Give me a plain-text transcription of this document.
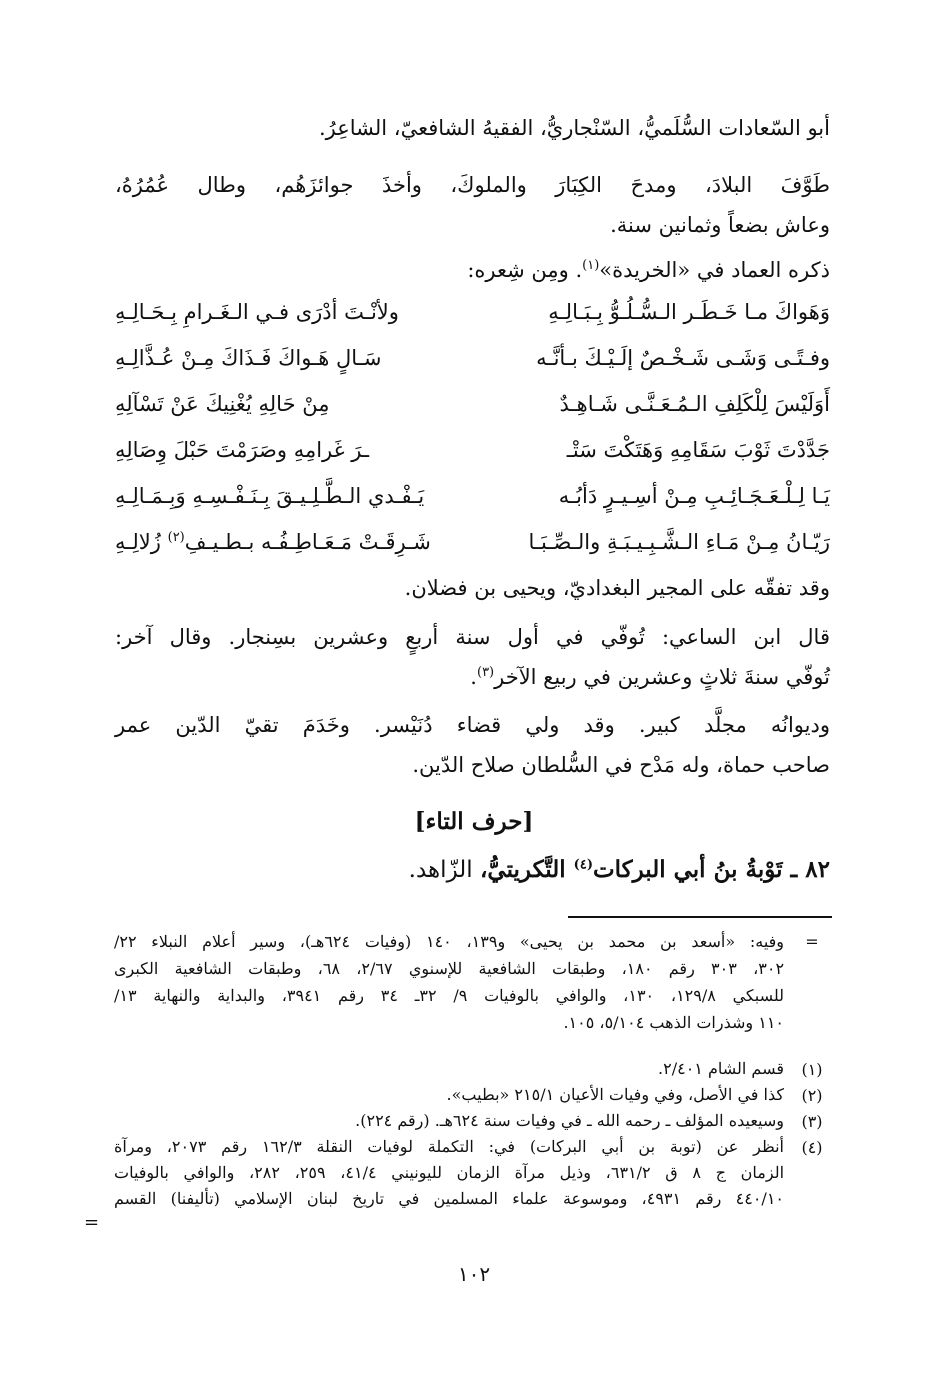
أبو السّعادات السُّلَميُّ، السّنْجاريُّ، الفقيهُ الشافعيّ، الشاعِرُ.
طَوَّفَ البلادَ، ومدحَ الكِبَارَ والملوكَ، وأخذَ جوائزَهُم، وطال عُمُرُهُ،
وعاش بضعاً وثمانين سنة.
ذكره العماد في «الخريدة»$^{(١)}$. ومِن شِعره:
وَهَواكَ مـا خَـطَـر الـسُّـلُـوُّ بِـبَـالِـهِ
ولأنْـتَ أدْرَى فـي الـغَـرامِ بِـحَـالِـهِ
وفـتًـى وَشَـى شَـخْـصٌ إلَـيْـكَ بـأنَّـه
سَـالٍ هَـواكَ فَـذَاكَ مِـنْ عُـذَّالِـهِ
أَوَلَيْسَ لِلْكَلِفِ الـمُـعَـنَّـى شَـاهِـدٌ
مِنْ حَالِهِ يُغْنِيكَ عَنْ تَسْآلِهِ
جَدَّدْتَ ثَوْبَ سَقَامِهِ وَهَتَكْتَ سَتْـ
ـرَ غَرامِهِ وصَرَمْتَ حَبْلَ وِصَالِهِ
يَـا لِـلْـعَـجَـائِـبِ مِـنْ أسِـيـرٍ دَأبُـه
يَـفْـدي الـطَّـلِـيـقَ بِـنَـفْـسِـهِ وَبِـمَـالِـهِ
رَيّـانُ مِـنْ مَـاءِ الـشَّـبِـيـبَـةِ والـصِّـبَـا
شَـرِقَـتْ مَـعَـاطِـفُـه بـطـيـفِ$^{(٢)}$ زُلالِـهِ
وقد تفقّه على المجير البغداديّ، ويحيى بن فضلان.
قال ابن الساعي: تُوفّي في أول سنة أربعٍ وعشرين بسِنجار. وقال آخر:
تُوفّي سنةَ ثلاثٍ وعشرين في ربيع الآخر$^{(٣)}$.
وديوانُه مجلَّد كبير. وقد ولي قضاء دُنَيْسر. وخَدَمَ تقيّ الدّين عمر
صاحب حماة، وله مَدْح في السُّلطان صلاح الدّين.
[حرف التاء]
٨٢ ـ تَوْبةُ بنُ أبي البركات$^{(٤)}$ التَّكريتيُّ، الزّاهد.
=
وفيه: «أسعد بن محمد بن يحيى» و١٣٩، ١٤٠ (وفيات ٦٢٤هـ)، وسير أعلام النبلاء ٢٢/
٣٠٢، ٣٠٣ رقم ١٨٠، وطبقات الشافعية للإسنوي ٢/٦٧، ٦٨، وطبقات الشافعية الكبرى
للسبكي ١٢٩/٨، ١٣٠، والوافي بالوفيات ٩/ ٣٢ـ ٣٤ رقم ٣٩٤١، والبداية والنهاية ١٣/
١١٠ وشذرات الذهب ٥/١٠٤، ١٠٥.
(١)
قسم الشام ٢/٤٠١.
(٢)
كذا في الأصل، وفي وفيات الأعيان ٢١٥/١ «بطيب».
(٣)
وسيعيده المؤلف ـ رحمه الله ـ في وفيات سنة ٦٢٤هـ. (رقم ٢٢٤).
(٤)
أنظر عن (توبة بن أبي البركات) في: التكملة لوفيات النقلة ١٦٢/٣ رقم ٢٠٧٣، ومرآة
الزمان ج ٨ ق ٦٣١/٢، وذيل مرآة الزمان لليونيني ٤١/٤، ٢٥٩، ٢٨٢، والوافي بالوفيات
٤٤٠/١٠ رقم ٤٩٣١، وموسوعة علماء المسلمين في تاريخ لبنان الإسلامي (تأليفنا) القسم
=
١٠٢
